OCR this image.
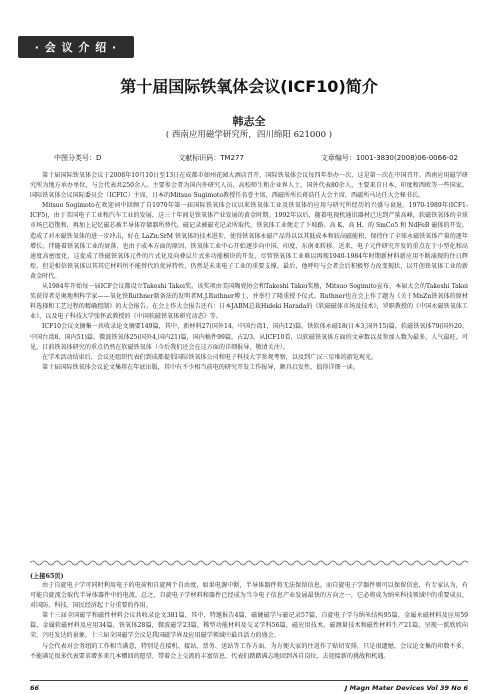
· 会 议 介 绍 ·
第十届国际铁氧体会议(ICF10)简介
韩志全
( 西南应用磁学研究所，四川绵阳 621000 )
中图分类号：D	文献标识码：TM277	文章编号：1001-3830(2008)06-0066-02

第十届国际铁氧体会议于2008年10月10日至13日在成都市如州花园大酒店召开，国际铁氧体会议每四年举办一次，这是第一次在中国召开。西南应用磁学研究所为地方承办单位，与会代表共250余人。主要参会者为国内外研究人员、高校师生和企业界人士，国外代表80余人，主要来自日本、印度和西欧等一些国家。国际铁氧体会议国际委员会（ICFIC）主席，日本的Mitsuo Sugimoto教授任名誉主席，西磁所所长蒋浩任大会主席，西磁所马达任大会秘书长。

Mitsuo Sogimoto在欢迎词中回顾了自1970年第一届国际铁氧体会议以来铁氧体工业及铁氧体的应用与研究所经历的兴盛与衰退。1970-1989年(ICF1-ICF5)，由于美国电子工业和汽车工业的发展，这三十年间是铁氧体产业发展的黄金时期。1992年以后，随着电视机通讯器材已达到产量高峰，软磁铁氧体的全球市场已趋饱和，再加上记忆磁芯被半导体存储器所替代、磁记录被磁光记录所取代，铁氧体工业便走了下坡路。高 K、高 H、的 SmCo5 和 NdFeB 磁体的开发，造成了对永磁铁氧体的进一步冲击，好在 LaZn:SrM 铁氧体的技术进步，使得铁氧体永磁产品得以以其低成本和较高磁能积，保持住了全球永磁铁氧体产量的逐年增长。伴随着铁氧体工业的衰落，也由于成本方面的原因，铁氧体工业中心开始逐步向中国、印度、东南亚转移。近来，电子元件研究开发的重点在于小型化和高速度高密度化，这促成了铁磁铁氧体元件的片式化及向叠层片式多功能模块的开发，尽管铁氧体工业难以再现1940-1984年时期新材料新应用不断涌现的往日辉煌，但是相信铁氧体以其其它材料所不能替代的优异特性，仍然是未来电子工业的重要支撑。最后，他呼吁与会者会后积极努力改变现状，以开创铁氧体工业的新黄金时代。

从1984年开始每一届ICF会议都设立Takeshi Takei奖，该奖项由美国陶瓷协会和Takeshi Takei奖励，Mitsuo Sogimito宣布，本届大会的Takeshi Takei奖获得者是奥地利科学家——氧化铁Ruthner制备法的发明者M.J.Ruthner博士，并举行了隆重授予仪式。Ruthner也在会上作了题为《关于MnZn铁氧体的原材料选择和工艺过程的精确控制》的大会报告。在会上作大会报告还有：日本JABM总裁Hideki Harada的《软磁磁体市场及技术》，罗职教授的《中国永磁铁氧体工业》，以及电子科技大学张怀武教授的《中国软磁铁氧体研究动态》等。

ICF10会议文摘集一共收录论文摘要149篇，其中，新材料27(国外14，中国台湾1，国内12)篇，铁软体永磁18(日本3,国外15)篇，软磁铁氧体79(国外20，中国台湾8，国内51)篇，微波铁氧体25(国外4,国内21)篇，国内稿件99篇，占2/3。从ICF10看，以软磁铁氧体方面的文章数以及参加人数为最多，人气最旺。可见，目前铁氧体研究的重点仍然在软磁铁氧体（今后我们还会在这方面的详细报导，敬请关注）。

在学术活动结束后，会议还组织代表们到成都提倡国际铁氧体公司和电子科技大学参观考察，以及到广汉三星堆的游览观光。

第十届国际铁氧体会议论文集将在年底出版，其中有不少相当前电的研究开发工作报导，颇具启发性，值得详细一读。

(上接65页)

由于自旋电子学可同时利用电子的电荷和自旋两个自由度，如果电源中断，半导体器件将无法保留信息，而自旋电子学器件则可以保留信息，有专家认为，有可能自旋流会取代半导体器件中的电流。总之，自旋电子学材料和器件已经成为当今电子信息产业发展最快的方向之一，它必将成为纳米科技领域中的重要成员，对国防、科技、国民经济起十分重要的作用。

第十三届全国磁学和磁性材料会议共收录论文381篇，其中，特邀报告4篇，磁硬磁学与磁记录57篇，自旋电子学与纳米结构95篇，金属永磁材料及应用59篇，金属软磁材料及应用34篇，铁氧体28篇，微波磁学23篇，稀型功能材料及交叉学科56篇，磁应用技术、磁测量技术和磁性材料生产21篇，呈现一派欣欣向荣，兴旺发达的景象。十三届全国磁学会议是我国磁学界及应用磁学领域中最具活力的盛会。

与会代表对会务组的工作相当满意，特别是在接机、接站、票务、送站等工作方面，为方便大家的往返作了贴切安排，只是很遗憾，会议论文集的印数不多，不能满足很多代表要求增多来几本赠回的愿望，带着会上交流的丰富信息，代表们踏踏满志地回到各自岗位，去迎接新的挑战和机遇。

66	J Magn Mater Devices Vol 39 No 6
